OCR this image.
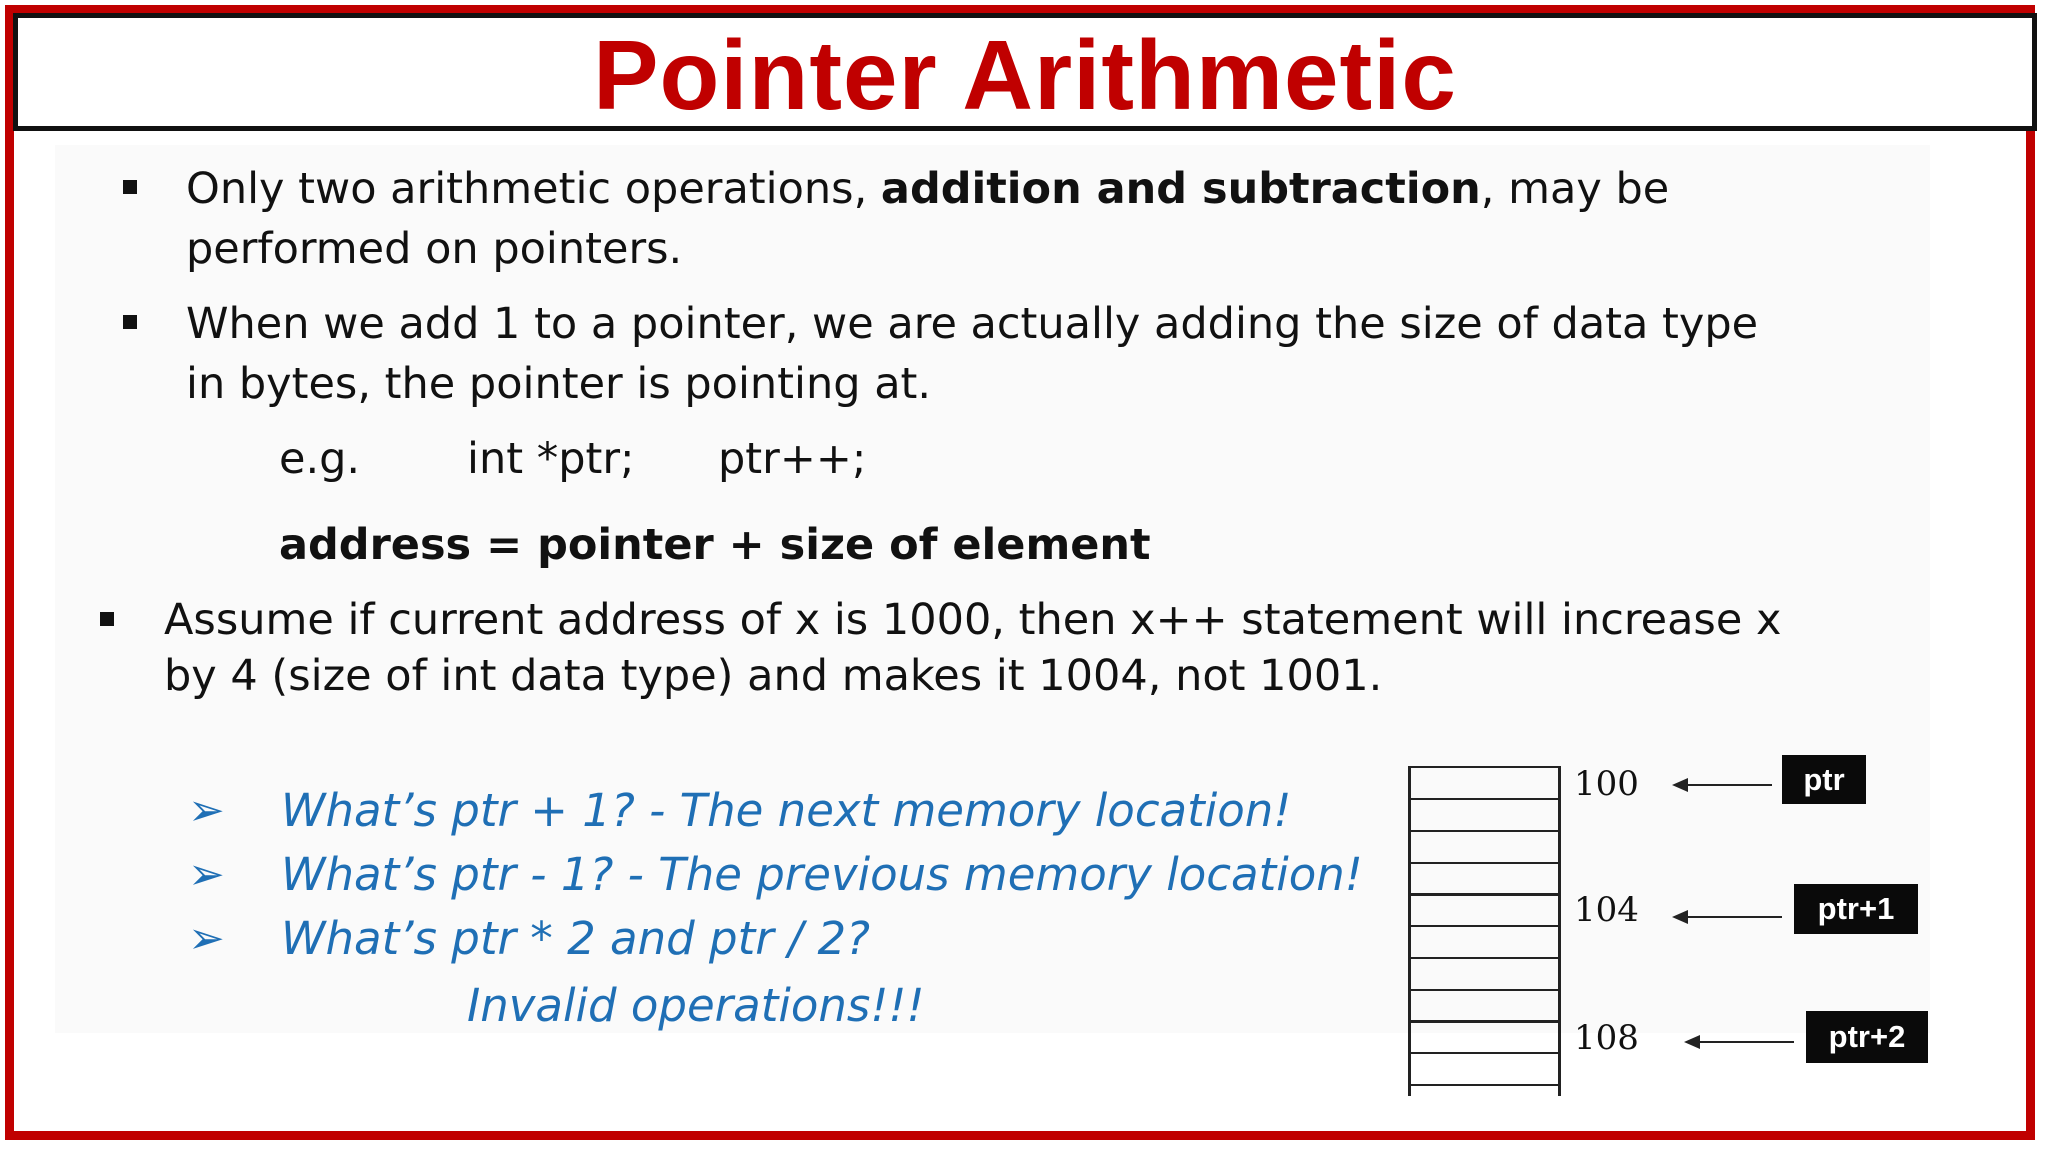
Pointer Arithmetic
Only two arithmetic operations, addition and subtraction, may be
performed on pointers.
When we add 1 to a pointer, we are actually adding the size of data type
in bytes, the pointer is pointing at.
e.g. int *ptr; ptr++;
address = pointer + size of element
Assume if current address of x is 1000, then x++ statement will increase x
by 4 (size of int data type) and makes it 1004, not 1001.
➢ What’s ptr + 1? - The next memory location!
➢ What’s ptr - 1? - The previous memory location!
➢ What’s ptr * 2 and ptr / 2?
Invalid operations!!!
100
104
108
ptr
ptr+1
ptr+2
